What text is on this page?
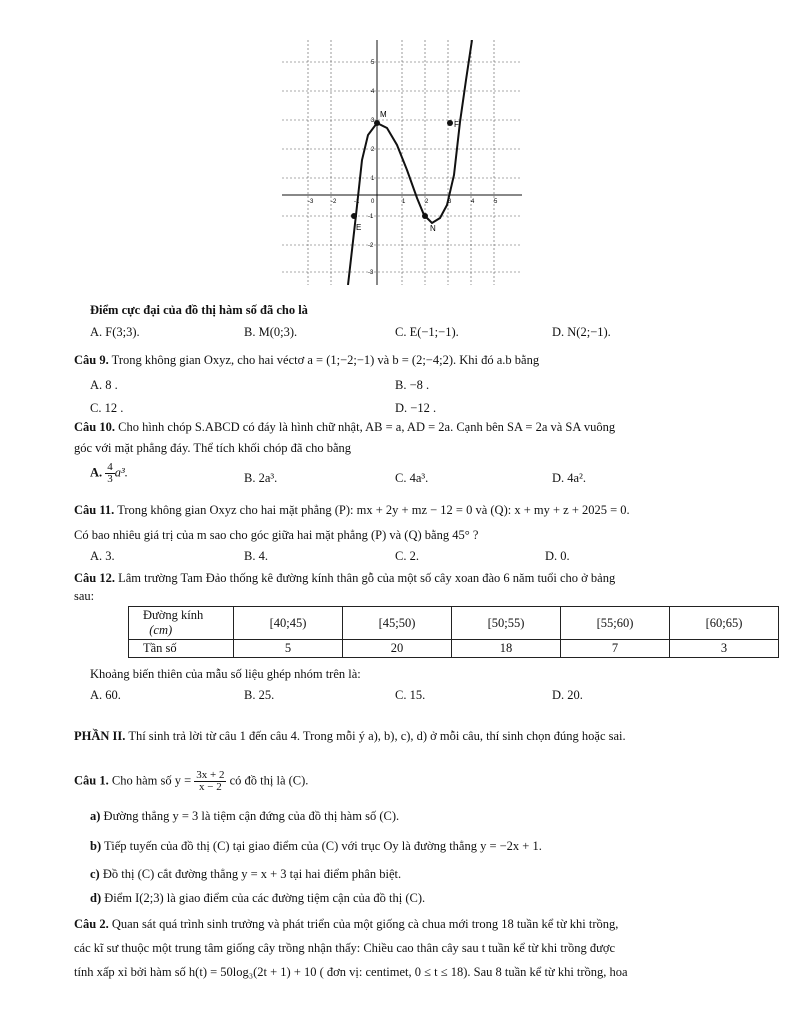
M
F
E	N
-3	-2	-1 0	1	2	3	4	5
5
4
3
2
1
-1
-2
-3
Điểm cực đại của đồ thị hàm số đã cho là
A. F(3;3).	B. M(0;3).	C. E(−1;−1).	D. N(2;−1).
Câu 9. Trong không gian Oxyz, cho hai véctơ a = (1;−2;−1) và b = (2;−4;2). Khi đó a.b bằng
A. 8 .	B. −8 .
C. 12 .	D. −12 .
Câu 10. Cho hình chóp S.ABCD có đáy là hình chữ nhật, AB = a, AD = 2a. Cạnh bên SA = 2a và SA vuông
góc với mặt phẳng đáy. Thể tích khối chóp đã cho bằng
A. $\frac{4}{3} a^3$.	B. 2a³.	C. 4a³.	D. 4a².
Câu 11. Trong không gian Oxyz cho hai mặt phẳng (P): mx + 2y + mz − 12 = 0 và (Q): x + my + z + 2025 = 0.
Có bao nhiêu giá trị của m sao cho góc giữa hai mặt phẳng (P) và (Q) bằng 45° ?
A. 3.	B. 4.	C. 2.	D. 0.
Câu 12. Lâm trường Tam Đảo thống kê đường kính thân gỗ của một số cây xoan đào 6 năm tuổi cho ở bảng
sau:
Đường kính
(cm)	[40;45)	[45;50)	[50;55)	[55;60)	[60;65)
Tần số	5	20	18	7	3
Khoảng biến thiên của mẫu số liệu ghép nhóm trên là:
A. 60.	B. 25.	C. 15.	D. 20.
PHẦN II. Thí sinh trả lời từ câu 1 đến câu 4. Trong mỗi ý a), b), c), d) ở mỗi câu, thí sinh chọn đúng hoặc sai.
Câu 1. Cho hàm số $y = \frac{3x + 2}{x - 2}$ có đồ thị là (C).
a) Đường thẳng y = 3 là tiệm cận đứng của đồ thị hàm số (C).
b) Tiếp tuyến của đồ thị (C) tại giao điểm của (C) với trục Oy là đường thẳng y = −2x + 1.
c) Đồ thị (C) cắt đường thẳng y = x + 3 tại hai điểm phân biệt.
d) Điểm I(2;3) là giao điểm của các đường tiệm cận của đồ thị (C).
Câu 2. Quan sát quá trình sinh trưởng và phát triển của một giống cà chua mới trong 18 tuần kể từ khi trồng,
các kĩ sư thuộc một trung tâm giống cây trồng nhận thấy: Chiều cao thân cây sau t tuần kể từ khi trồng được
tính xấp xỉ bởi hàm số h(t) = 50log₃(2t + 1) + 10 ( đơn vị: centimet, 0 ≤ t ≤ 18). Sau 8 tuần kể từ khi trồng, hoa
